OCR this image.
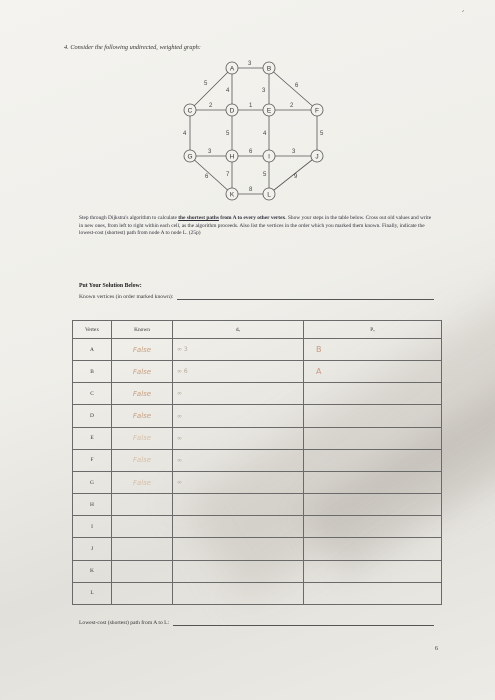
'
4. Consider the following undirected, weighted graph:
3
5
4	3
6
2	1	2
4	5	4	5
3	6	3
6	7	5	9
8
A	B
C	D	E	F
G	H	I	J
K	L
Step through Dijkstra's algorithm to calculate the shortest paths from A to every other vertex. Show your steps in the table below. Cross out old values and write in new ones, from left to right within each cell, as the algorithm proceeds. Also list the vertices in the order which you marked them known. Finally, indicate the lowest-cost (shortest) path from node A to node L. (25p)
Put Your Solution Below:
Known vertices (in order marked known):
Vertex	Known	dᵥ	Pᵥ
A	False	∞ 3	B
B	False	∞ 6	A
C	False	∞	
D	False	∞	
E	False	∞	
F	False	∞	
G	False	∞	
H			
I			
J			
K			
L			
Lowest-cost (shortest) path from A to L:
6
